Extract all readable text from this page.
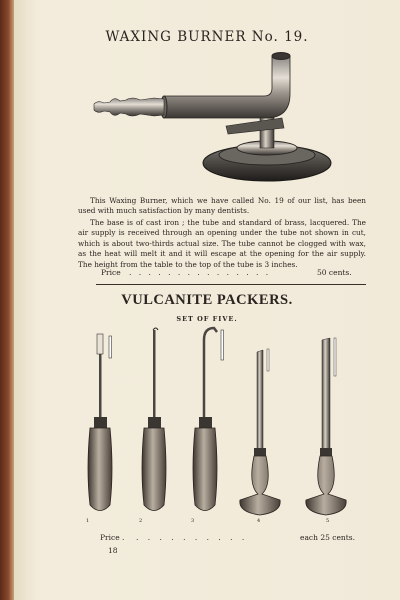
WAXING BURNER No. 19.
This Waxing Burner, which we have called No. 19 of our list, has been used with much satisfaction by many dentists.
The base is of cast iron ; the tube and standard of brass, lacquered. The air supply is received through an opening under the tube not shown in cut, which is about two-thirds actual size. The tube cannot be clogged with wax, as the heat will melt it and it will escape at the opening for the air supply. The height from the table to the top of the tube is 3 inches.
Price . . . . . . . . . . . . . . .	50 cents.
VULCANITE PACKERS.
SET OF FIVE.
1	2	3	4	5
Price . . . . . . . . . . .	each 25 cents.
18
